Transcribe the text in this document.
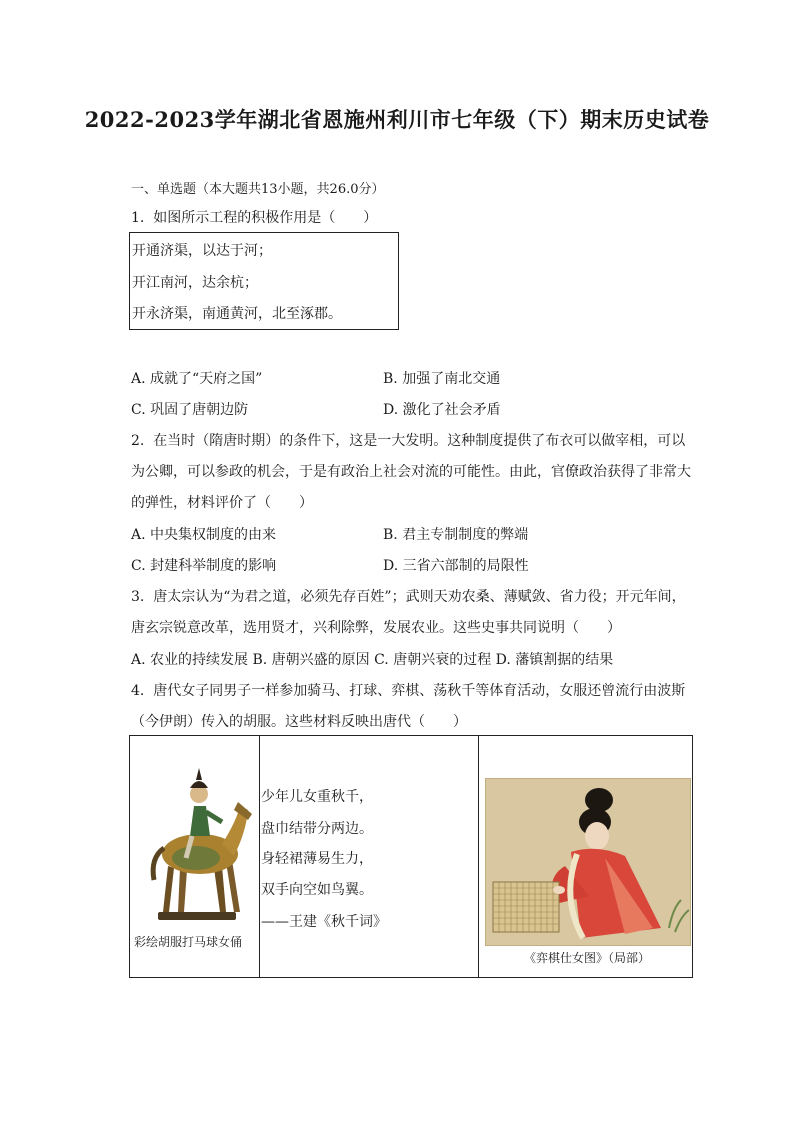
2022-2023学年湖北省恩施州利川市七年级（下）期末历史试卷
一、单选题（本大题共13小题，共26.0分）
1.  如图所示工程的积极作用是（　　）
开通济渠，以达于河；
开江南河，达余杭；
开永济渠，南通黄河，北至涿郡。
A. 成就了“天府之国”	B. 加强了南北交通
C. 巩固了唐朝边防	D. 激化了社会矛盾
2.  在当时（隋唐时期）的条件下，这是一大发明。这种制度提供了布衣可以做宰相，可以
为公卿，可以参政的机会，于是有政治上社会对流的可能性。由此，官僚政治获得了非常大
的弹性，材料评价了（　　）
A. 中央集权制度的由来	B. 君主专制制度的弊端
C. 封建科举制度的影响	D. 三省六部制的局限性
3.  唐太宗认为“为君之道，必须先存百姓”；武则天劝农桑、薄赋敛、省力役；开元年间，
唐玄宗锐意改革，选用贤才，兴利除弊，发展农业。这些史事共同说明（　　）
A. 农业的持续发展 B. 唐朝兴盛的原因 C. 唐朝兴衰的过程 D. 藩镇割据的结果
4.  唐代女子同男子一样参加骑马、打球、弈棋、荡秋千等体育活动，女服还曾流行由波斯
（今伊朗）传入的胡服。这些材料反映出唐代（　　）
彩绘胡服打马球女俑
少年儿女重秋千，
盘巾结带分两边。
身轻裙薄易生力，
双手向空如鸟翼。
——王建《秋千词》
《弈棋仕女图》（局部）
